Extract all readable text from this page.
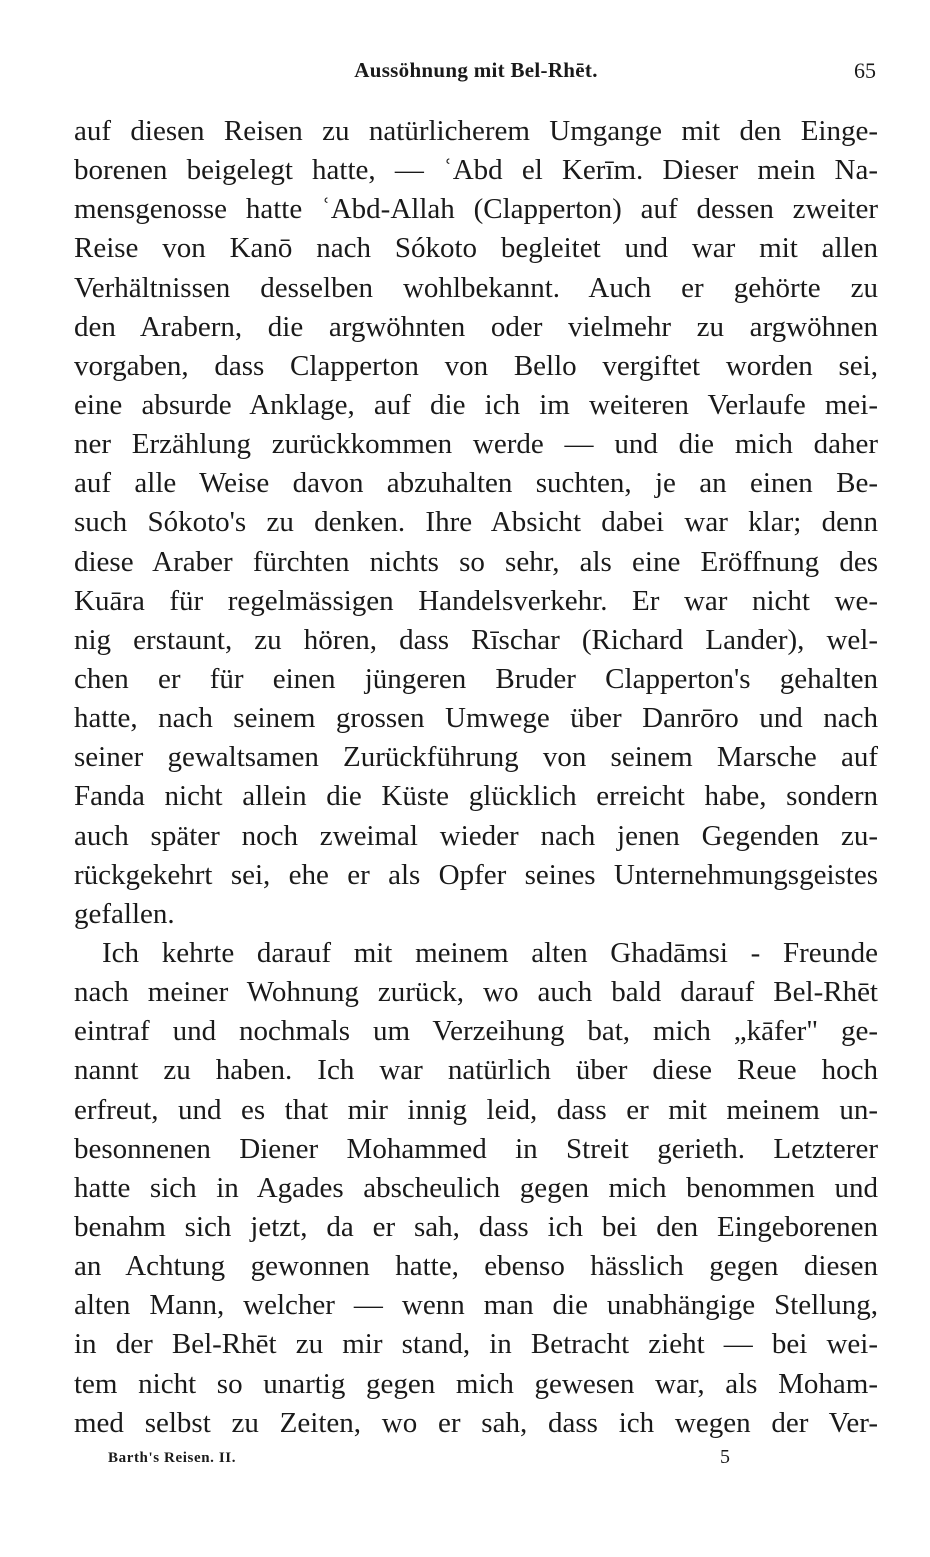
Aussöhnung mit Bel-Rhēt.	65
auf diesen Reisen zu natürlicherem Umgange mit den Einge-
borenen beigelegt hatte, — ʿAbd el Kerīm. Dieser mein Na-
mensgenosse hatte ʿAbd-Allah (Clapperton) auf dessen zweiter
Reise von Kanō nach Sókoto begleitet und war mit allen
Verhältnissen desselben wohlbekannt. Auch er gehörte zu
den Arabern, die argwöhnten oder vielmehr zu argwöhnen
vorgaben, dass Clapperton von Bello vergiftet worden sei,
eine absurde Anklage, auf die ich im weiteren Verlaufe mei-
ner Erzählung zurückkommen werde — und die mich daher
auf alle Weise davon abzuhalten suchten, je an einen Be-
such Sókoto's zu denken. Ihre Absicht dabei war klar; denn
diese Araber fürchten nichts so sehr, als eine Eröffnung des
Kuāra für regelmässigen Handelsverkehr. Er war nicht we-
nig erstaunt, zu hören, dass Rīschar (Richard Lander), wel-
chen er für einen jüngeren Bruder Clapperton's gehalten
hatte, nach seinem grossen Umwege über Danrōro und nach
seiner gewaltsamen Zurückführung von seinem Marsche auf
Fanda nicht allein die Küste glücklich erreicht habe, sondern
auch später noch zweimal wieder nach jenen Gegenden zu-
rückgekehrt sei, ehe er als Opfer seines Unternehmungsgeistes
gefallen.
Ich kehrte darauf mit meinem alten Ghadāmsi - Freunde
nach meiner Wohnung zurück, wo auch bald darauf Bel-Rhēt
eintraf und nochmals um Verzeihung bat, mich „kāfer" ge-
nannt zu haben. Ich war natürlich über diese Reue hoch
erfreut, und es that mir innig leid, dass er mit meinem un-
besonnenen Diener Mohammed in Streit gerieth. Letzterer
hatte sich in Agades abscheulich gegen mich benommen und
benahm sich jetzt, da er sah, dass ich bei den Eingeborenen
an Achtung gewonnen hatte, ebenso hässlich gegen diesen
alten Mann, welcher — wenn man die unabhängige Stellung,
in der Bel-Rhēt zu mir stand, in Betracht zieht — bei wei-
tem nicht so unartig gegen mich gewesen war, als Moham-
med selbst zu Zeiten, wo er sah, dass ich wegen der Ver-
Barth's Reisen. II.	5
